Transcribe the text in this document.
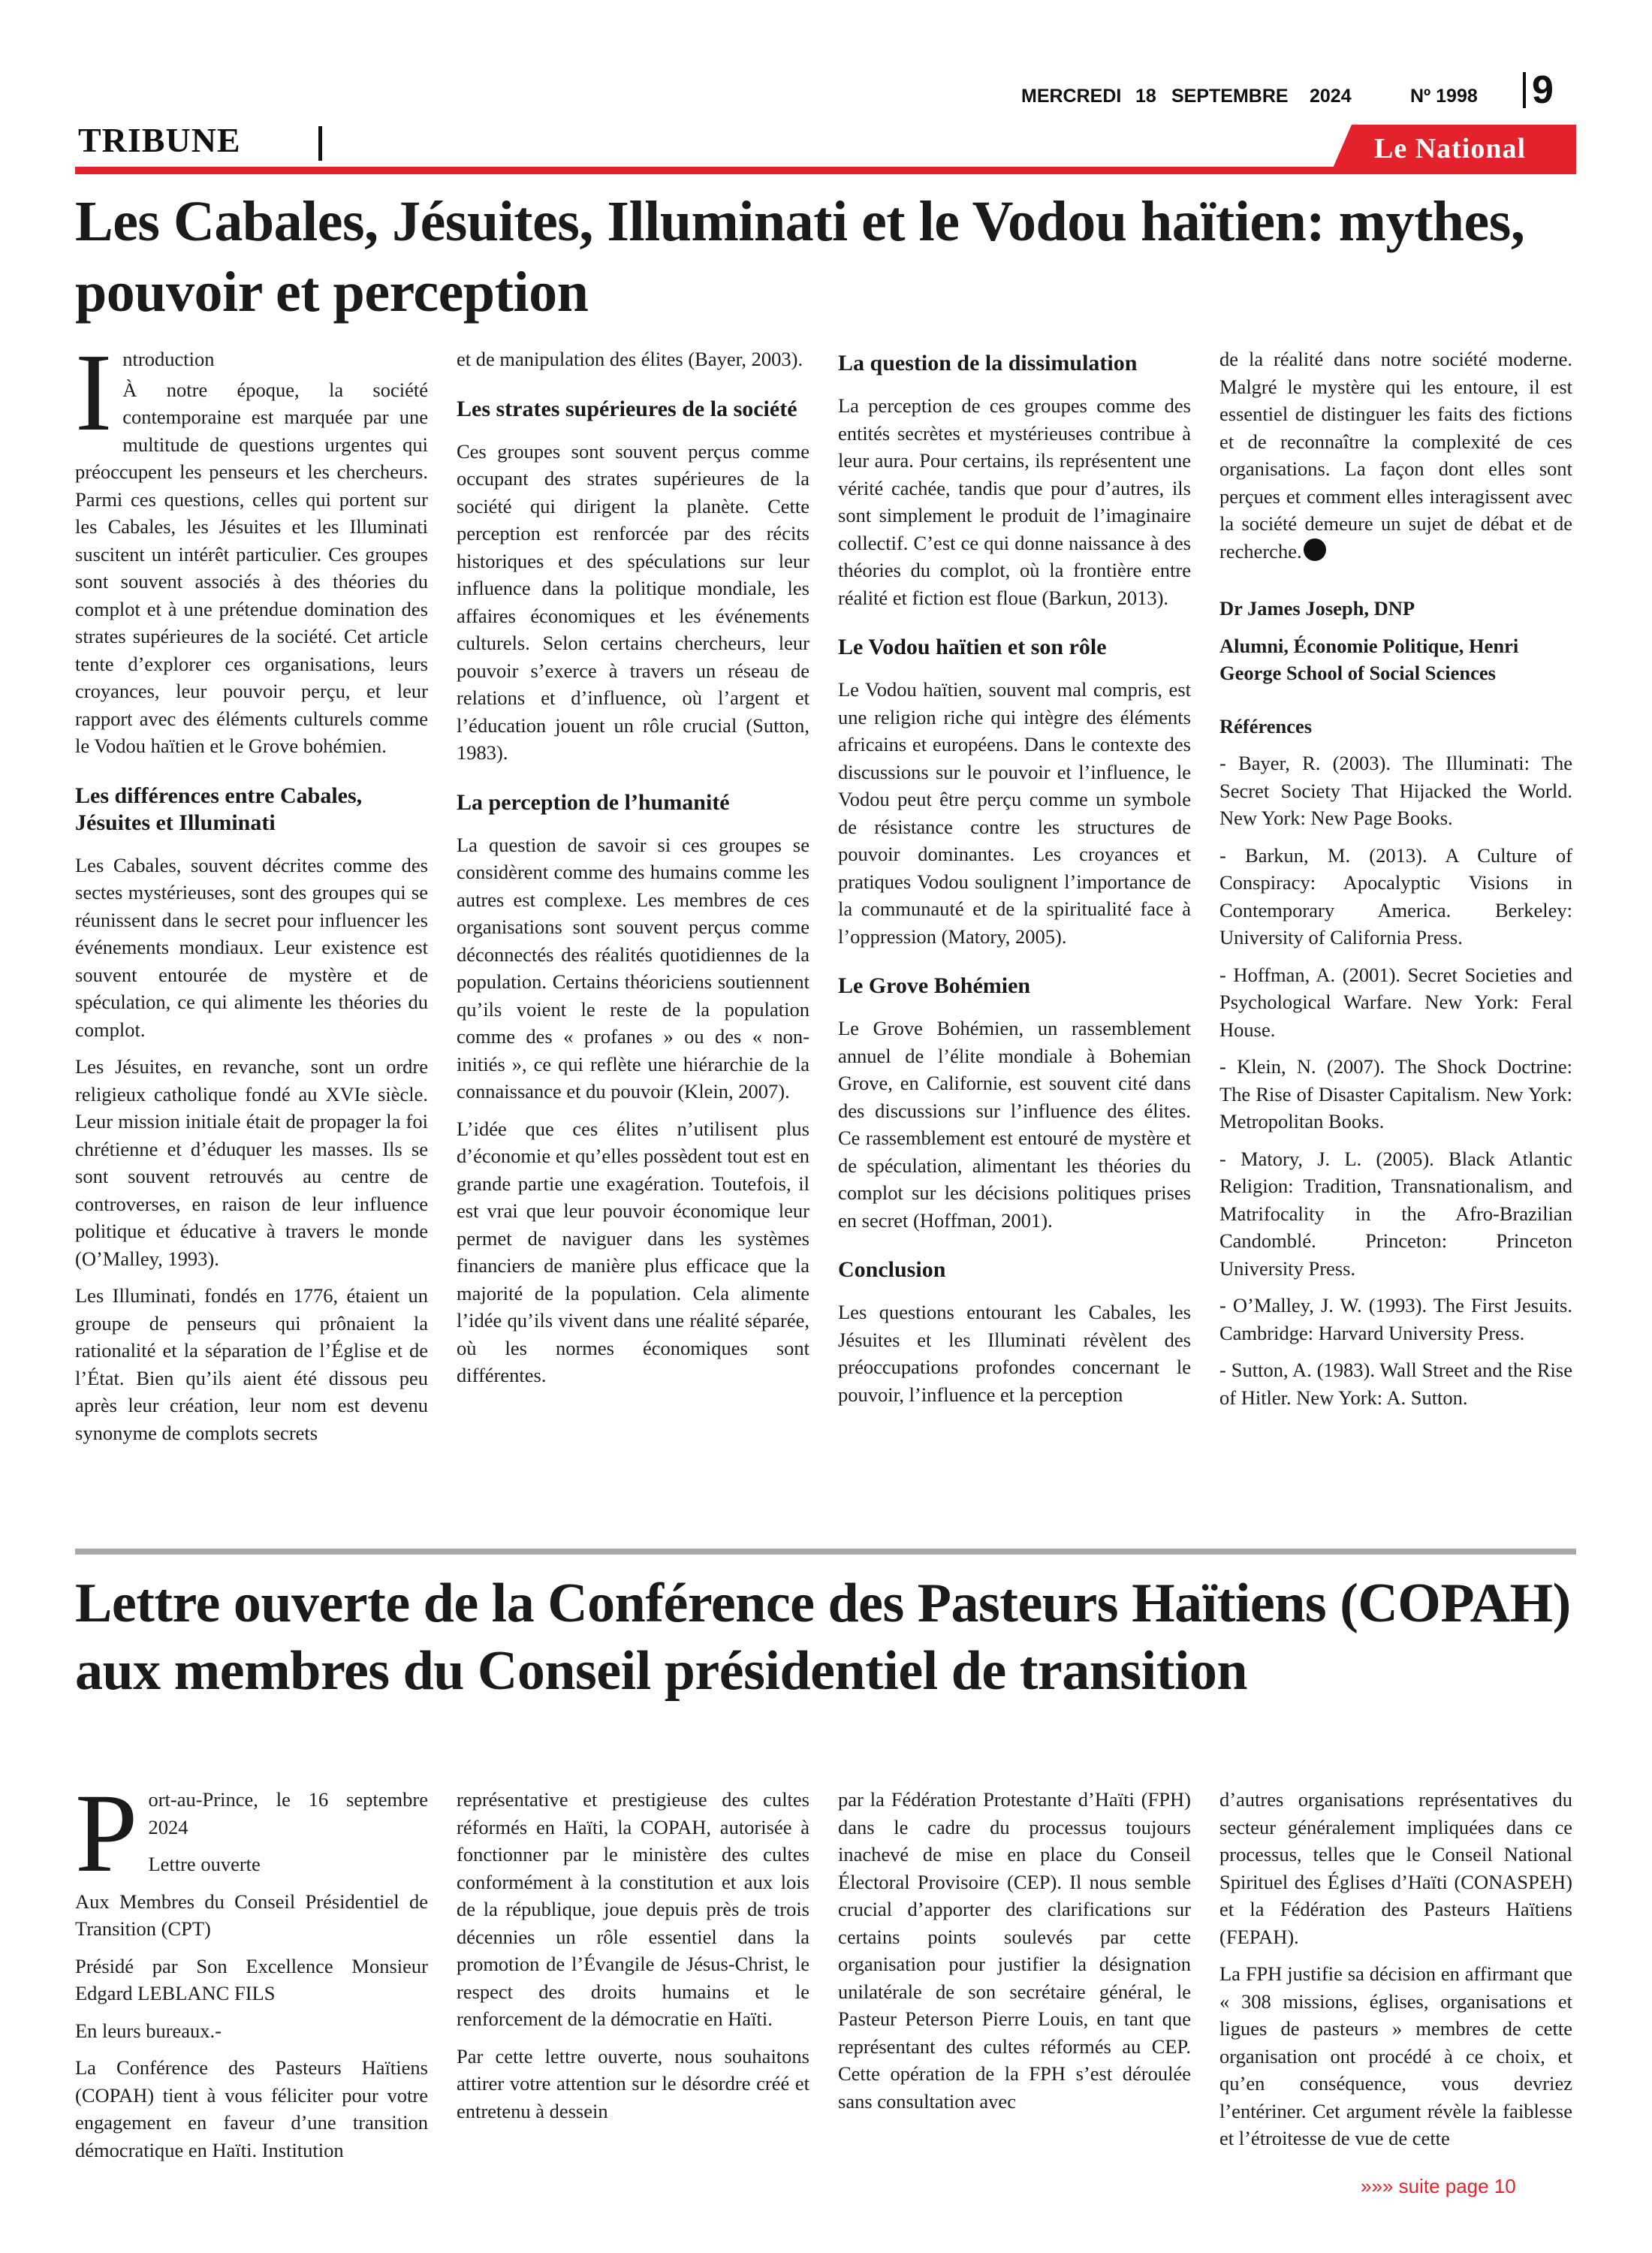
MERCREDI 18 SEPTEMBRE 2024	Nº 1998 9
TRIBUNE	Le National
Les Cabales, Jésuites, Illuminati et le Vodou haïtien: mythes, pouvoir et perception

Introduction

À notre époque, la société contemporaine est marquée par une multitude de questions urgentes qui préoccupent les penseurs et les chercheurs. Parmi ces questions, celles qui portent sur les Cabales, les Jésuites et les Illuminati suscitent un intérêt particulier. Ces groupes sont souvent associés à des théories du complot et à une prétendue domination des strates supérieures de la société. Cet article tente d’explorer ces organisations, leurs croyances, leur pouvoir perçu, et leur rapport avec des éléments culturels comme le Vodou haïtien et le Grove bohémien.

Les différences entre Cabales, Jésuites et Illuminati

Les Cabales, souvent décrites comme des sectes mystérieuses, sont des groupes qui se réunissent dans le secret pour influencer les événements mondiaux. Leur existence est souvent entourée de mystère et de spéculation, ce qui alimente les théories du complot.

Les Jésuites, en revanche, sont un ordre religieux catholique fondé au XVIe siècle. Leur mission initiale était de propager la foi chrétienne et d’éduquer les masses. Ils se sont souvent retrouvés au centre de controverses, en raison de leur influence politique et éducative à travers le monde (O’Malley, 1993).

Les Illuminati, fondés en 1776, étaient un groupe de penseurs qui prônaient la rationalité et la séparation de l’Église et de l’État. Bien qu’ils aient été dissous peu après leur création, leur nom est devenu synonyme de complots secrets

et de manipulation des élites (Bayer, 2003).

Les strates supérieures de la société

Ces groupes sont souvent perçus comme occupant des strates supérieures de la société qui dirigent la planète. Cette perception est renforcée par des récits historiques et des spéculations sur leur influence dans la politique mondiale, les affaires économiques et les événements culturels. Selon certains chercheurs, leur pouvoir s’exerce à travers un réseau de relations et d’influence, où l’argent et l’éducation jouent un rôle crucial (Sutton, 1983).

La perception de l’humanité

La question de savoir si ces groupes se considèrent comme des humains comme les autres est complexe. Les membres de ces organisations sont souvent perçus comme déconnectés des réalités quotidiennes de la population. Certains théoriciens soutiennent qu’ils voient le reste de la population comme des « profanes » ou des « non-initiés », ce qui reflète une hiérarchie de la connaissance et du pouvoir (Klein, 2007).

L’idée que ces élites n’utilisent plus d’économie et qu’elles possèdent tout est en grande partie une exagération. Toutefois, il est vrai que leur pouvoir économique leur permet de naviguer dans les systèmes financiers de manière plus efficace que la majorité de la population. Cela alimente l’idée qu’ils vivent dans une réalité séparée, où les normes économiques sont différentes.

La question de la dissimulation

La perception de ces groupes comme des entités secrètes et mystérieuses contribue à leur aura. Pour certains, ils représentent une vérité cachée, tandis que pour d’autres, ils sont simplement le produit de l’imaginaire collectif. C’est ce qui donne naissance à des théories du complot, où la frontière entre réalité et fiction est floue (Barkun, 2013).

Le Vodou haïtien et son rôle

Le Vodou haïtien, souvent mal compris, est une religion riche qui intègre des éléments africains et européens. Dans le contexte des discussions sur le pouvoir et l’influence, le Vodou peut être perçu comme un symbole de résistance contre les structures de pouvoir dominantes. Les croyances et pratiques Vodou soulignent l’importance de la communauté et de la spiritualité face à l’oppression (Matory, 2005).

Le Grove Bohémien

Le Grove Bohémien, un rassemblement annuel de l’élite mondiale à Bohemian Grove, en Californie, est souvent cité dans des discussions sur l’influence des élites. Ce rassemblement est entouré de mystère et de spéculation, alimentant les théories du complot sur les décisions politiques prises en secret (Hoffman, 2001).

Conclusion

Les questions entourant les Cabales, les Jésuites et les Illuminati révèlent des préoccupations profondes concernant le pouvoir, l’influence et la perception

de la réalité dans notre société moderne. Malgré le mystère qui les entoure, il est essentiel de distinguer les faits des fictions et de reconnaître la complexité de ces organisations. La façon dont elles sont perçues et comment elles interagissent avec la société demeure un sujet de débat et de recherche.

Dr James Joseph, DNP

Alumni, Économie Politique, Henri George School of Social Sciences

Références

- Bayer, R. (2003). The Illuminati: The Secret Society That Hijacked the World. New York: New Page Books.

- Barkun, M. (2013). A Culture of Conspiracy: Apocalyptic Visions in Contemporary America. Berkeley: University of California Press.

- Hoffman, A. (2001). Secret Societies and Psychological Warfare. New York: Feral House.

- Klein, N. (2007). The Shock Doctrine: The Rise of Disaster Capitalism. New York: Metropolitan Books.

- Matory, J. L. (2005). Black Atlantic Religion: Tradition, Transnationalism, and Matrifocality in the Afro-Brazilian Candomblé. Princeton: Princeton University Press.

- O’Malley, J. W. (1993). The First Jesuits. Cambridge: Harvard University Press.

- Sutton, A. (1983). Wall Street and the Rise of Hitler. New York: A. Sutton.

Lettre ouverte de la Conférence des Pasteurs Haïtiens (COPAH) aux membres du Conseil présidentiel de transition

Port-au-Prince, le 16 septembre 2024

Lettre ouverte

Aux Membres du Conseil Présidentiel de Transition (CPT)

Présidé par Son Excellence Monsieur Edgard LEBLANC FILS

En leurs bureaux.-

La Conférence des Pasteurs Haïtiens (COPAH) tient à vous féliciter pour votre engagement en faveur d’une transition démocratique en Haïti. Institution

représentative et prestigieuse des cultes réformés en Haïti, la COPAH, autorisée à fonctionner par le ministère des cultes conformément à la constitution et aux lois de la république, joue depuis près de trois décennies un rôle essentiel dans la promotion de l’Évangile de Jésus-Christ, le respect des droits humains et le renforcement de la démocratie en Haïti.

Par cette lettre ouverte, nous souhaitons attirer votre attention sur le désordre créé et entretenu à dessein

par la Fédération Protestante d’Haïti (FPH) dans le cadre du processus toujours inachevé de mise en place du Conseil Électoral Provisoire (CEP). Il nous semble crucial d’apporter des clarifications sur certains points soulevés par cette organisation pour justifier la désignation unilatérale de son secrétaire général, le Pasteur Peterson Pierre Louis, en tant que représentant des cultes réformés au CEP. Cette opération de la FPH s’est déroulée sans consultation avec

d’autres organisations représentatives du secteur généralement impliquées dans ce processus, telles que le Conseil National Spirituel des Églises d’Haïti (CONASPEH) et la Fédération des Pasteurs Haïtiens (FEPAH).

La FPH justifie sa décision en affirmant que « 308 missions, églises, organisations et ligues de pasteurs » membres de cette organisation ont procédé à ce choix, et qu’en conséquence, vous devriez l’entériner. Cet argument révèle la faiblesse et l’étroitesse de vue de cette

»»» suite page 10
